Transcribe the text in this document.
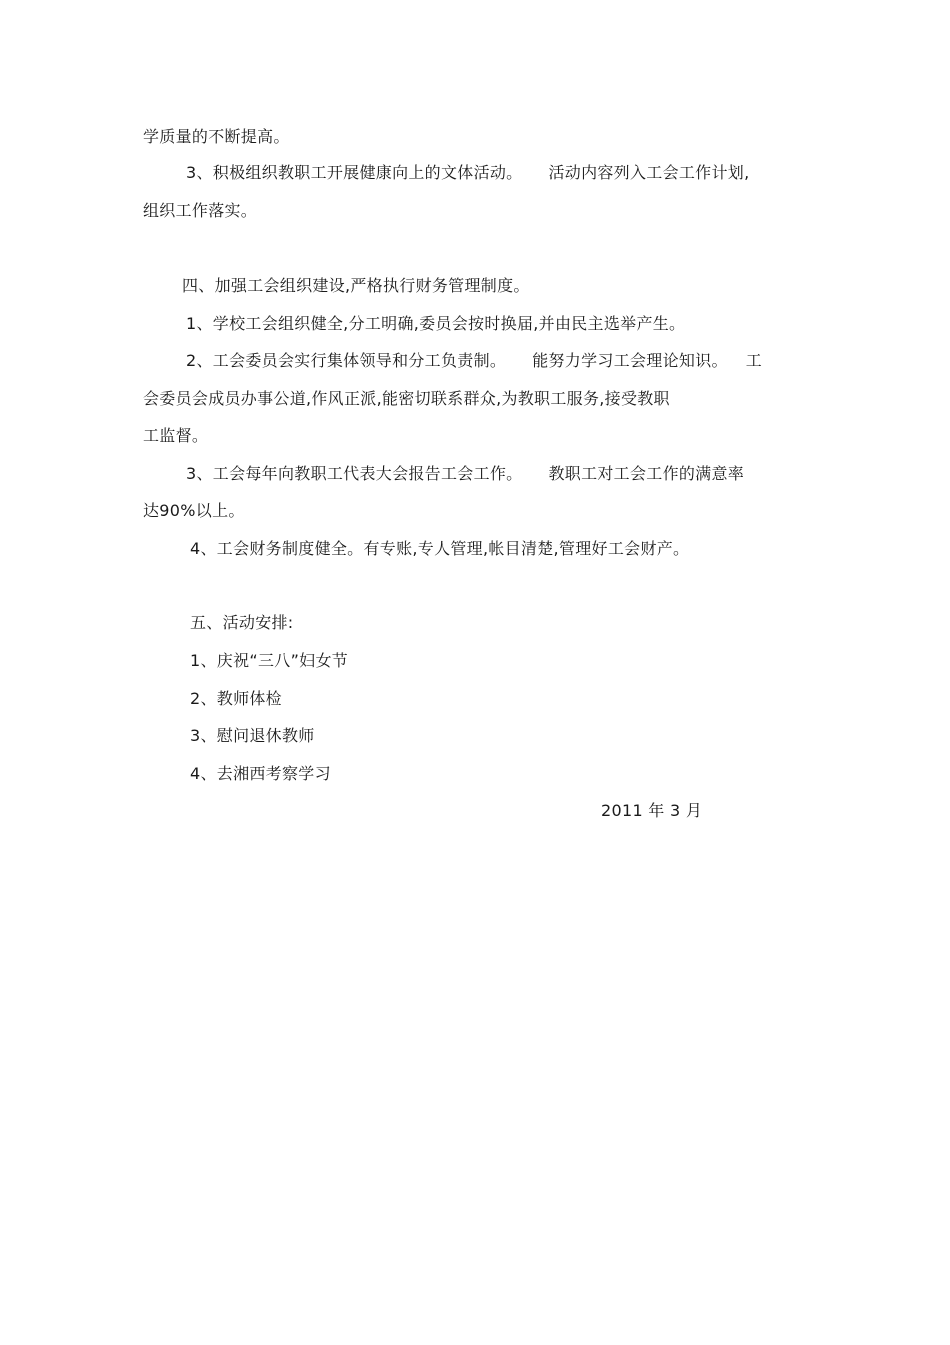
学质量的不断提高。
3、积极组织教职工开展健康向上的文体活动。 活动内容列入工会工作计划,
组织工作落实。
四、加强工会组织建设,严格执行财务管理制度。
1、学校工会组织健全,分工明确,委员会按时换届,并由民主选举产生。
2、工会委员会实行集体领导和分工负责制。 能努力学习工会理论知识。 工
会委员会成员办事公道,作风正派,能密切联系群众,为教职工服务,接受教职
工监督。
3、工会每年向教职工代表大会报告工会工作。 教职工对工会工作的满意率
达90%以上。
4、工会财务制度健全。有专账,专人管理,帐目清楚,管理好工会财产。
五、活动安排:
1、庆祝“三八”妇女节
2、教师体检
3、慰问退休教师
4、去湘西考察学习
2011 年 3 月
